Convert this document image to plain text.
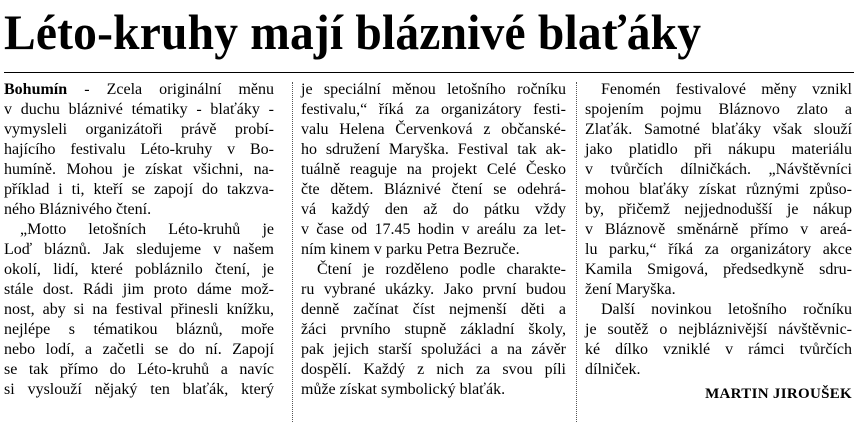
Léto-kruhy mají bláznivé blaťáky

Bohumín - Zcela originální měnu
v duchu bláznivé tématiky - blaťáky -
vymysleli organizátoři právě probí-
hajícího festivalu Léto-kruhy v Bo-
humíně. Mohou je získat všichni, na-
příklad i ti, kteří se zapojí do takzva-
ného Bláznivého čtení.

„Motto letošních Léto-kruhů je
Loď bláznů. Jak sledujeme v našem
okolí, lidí, které pobláznilo čtení, je
stále dost. Rádi jim proto dáme mož-
nost, aby si na festival přinesli knížku,
nejlépe s tématikou bláznů, moře
nebo lodí, a začetli se do ní. Zapojí
se tak přímo do Léto-kruhů a navíc
si vyslouží nějaký ten blaťák, který

je speciální měnou letošního ročníku
festivalu,“ říká za organizátory festi-
valu Helena Červenková z občanské-
ho sdružení Maryška. Festival tak ak-
tuálně reaguje na projekt Celé Česko
čte dětem. Bláznivé čtení se odehrá-
vá každý den až do pátku vždy
v čase od 17.45 hodin v areálu za let-
ním kinem v parku Petra Bezruče.

Čtení je rozděleno podle charakte-
ru vybrané ukázky. Jako první budou
denně začínat číst nejmenší děti a
žáci prvního stupně základní školy,
pak jejich starší spolužáci a na závěr
dospělí. Každý z nich za svou píli
může získat symbolický blaťák.

Fenomén festivalové měny vznikl
spojením pojmu Bláznovo zlato a
Zlaťák. Samotné blaťáky však slouží
jako platidlo při nákupu materiálu
v tvůrčích dílničkách. „Návštěvníci
mohou blaťáky získat různými způso-
by, přičemž nejjednodušší je nákup
v Bláznově směnárně přímo v areá-
lu parku,“ říká za organizátory akce
Kamila Smigová, předsedkyně sdru-
žení Maryška.

Další novinkou letošního ročníku
je soutěž o nejbláznivější návštěvnic-
ké dílko vzniklé v rámci tvůrčích
dílniček.

MARTIN JIROUŠEK
